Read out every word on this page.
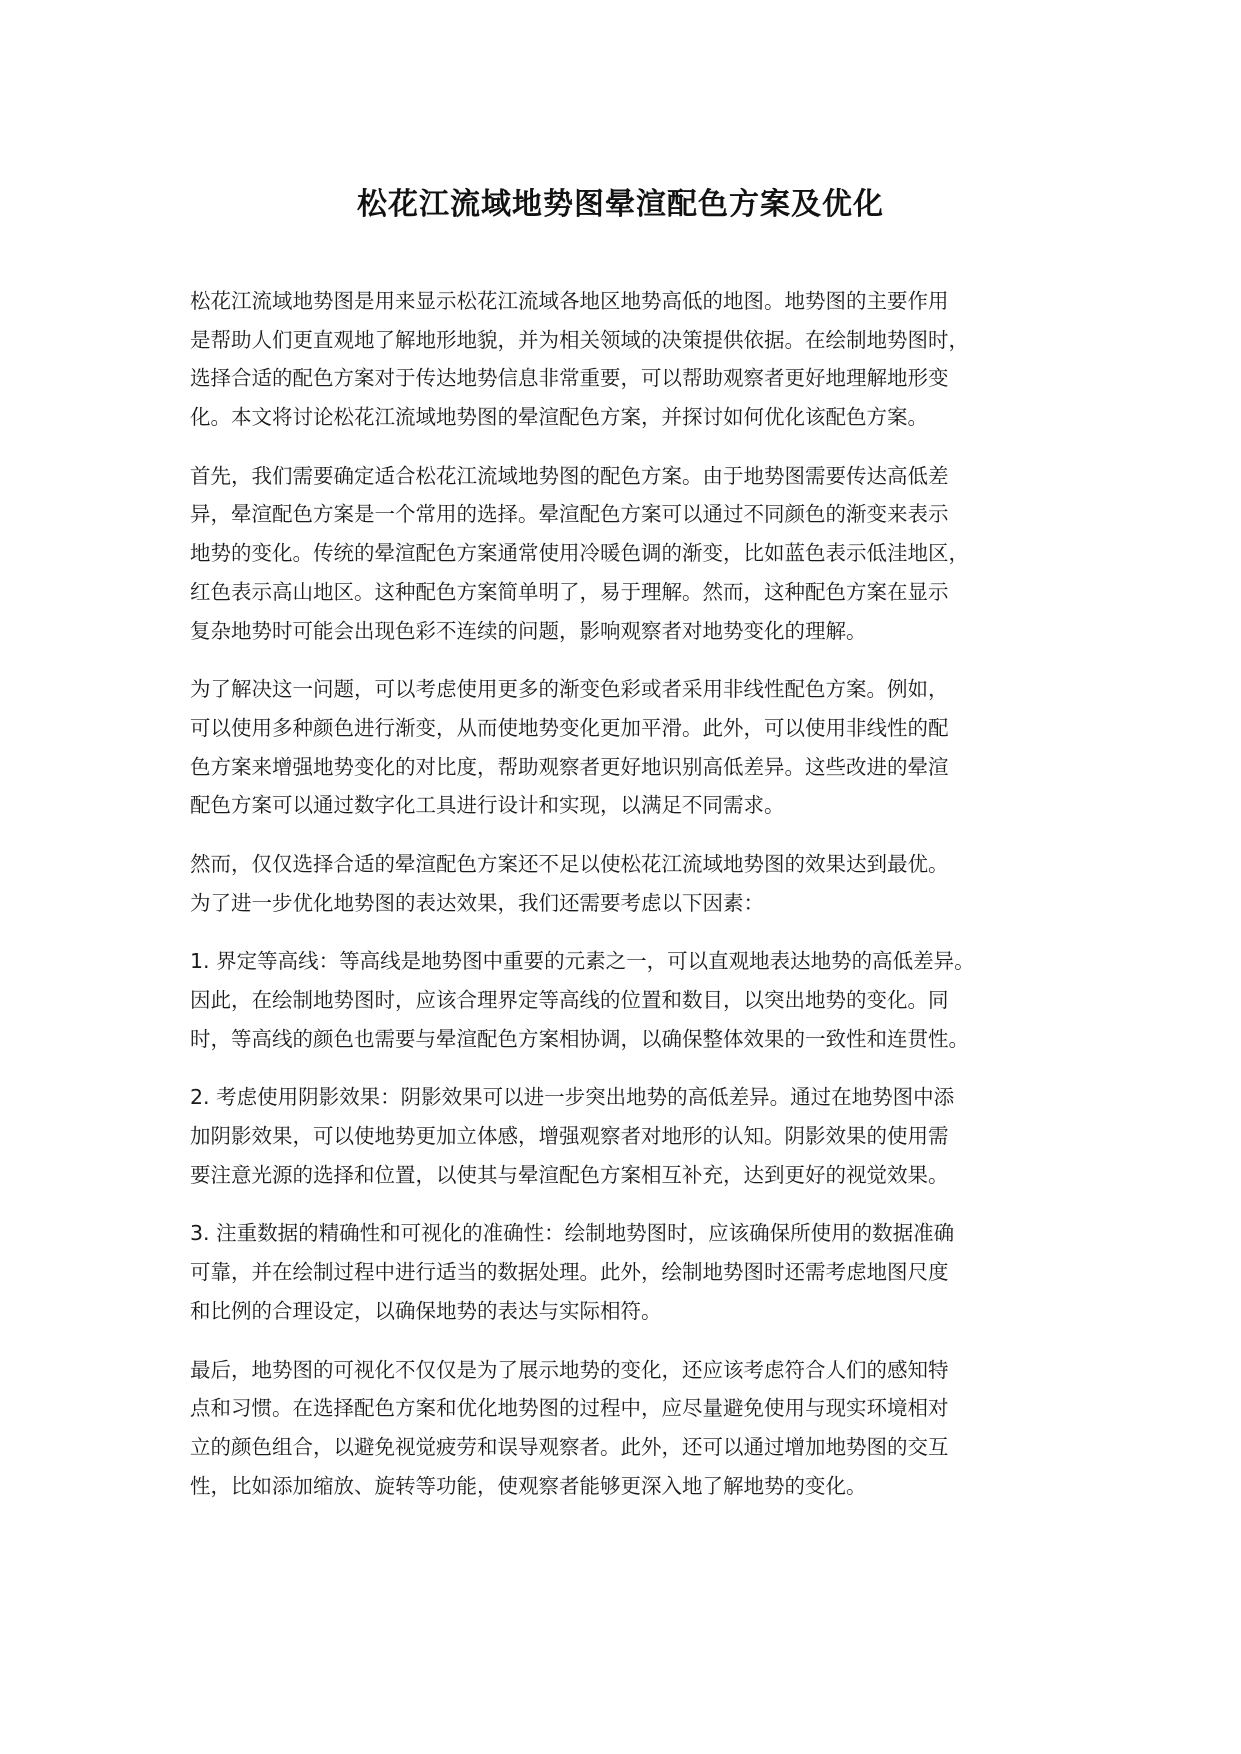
松花江流域地势图晕渲配色方案及优化
松花江流域地势图是用来显示松花江流域各地区地势高低的地图。地势图的主要作用
是帮助人们更直观地了解地形地貌，并为相关领域的决策提供依据。在绘制地势图时，
选择合适的配色方案对于传达地势信息非常重要，可以帮助观察者更好地理解地形变
化。本文将讨论松花江流域地势图的晕渲配色方案，并探讨如何优化该配色方案。
首先，我们需要确定适合松花江流域地势图的配色方案。由于地势图需要传达高低差
异，晕渲配色方案是一个常用的选择。晕渲配色方案可以通过不同颜色的渐变来表示
地势的变化。传统的晕渲配色方案通常使用冷暖色调的渐变，比如蓝色表示低洼地区，
红色表示高山地区。这种配色方案简单明了，易于理解。然而，这种配色方案在显示
复杂地势时可能会出现色彩不连续的问题，影响观察者对地势变化的理解。
为了解决这一问题，可以考虑使用更多的渐变色彩或者采用非线性配色方案。例如，
可以使用多种颜色进行渐变，从而使地势变化更加平滑。此外，可以使用非线性的配
色方案来增强地势变化的对比度，帮助观察者更好地识别高低差异。这些改进的晕渲
配色方案可以通过数字化工具进行设计和实现，以满足不同需求。
然而，仅仅选择合适的晕渲配色方案还不足以使松花江流域地势图的效果达到最优。
为了进一步优化地势图的表达效果，我们还需要考虑以下因素：
1. 界定等高线：等高线是地势图中重要的元素之一，可以直观地表达地势的高低差异。
因此，在绘制地势图时，应该合理界定等高线的位置和数目，以突出地势的变化。同
时，等高线的颜色也需要与晕渲配色方案相协调，以确保整体效果的一致性和连贯性。
2. 考虑使用阴影效果：阴影效果可以进一步突出地势的高低差异。通过在地势图中添
加阴影效果，可以使地势更加立体感，增强观察者对地形的认知。阴影效果的使用需
要注意光源的选择和位置，以使其与晕渲配色方案相互补充，达到更好的视觉效果。
3. 注重数据的精确性和可视化的准确性：绘制地势图时，应该确保所使用的数据准确
可靠，并在绘制过程中进行适当的数据处理。此外，绘制地势图时还需考虑地图尺度
和比例的合理设定，以确保地势的表达与实际相符。
最后，地势图的可视化不仅仅是为了展示地势的变化，还应该考虑符合人们的感知特
点和习惯。在选择配色方案和优化地势图的过程中，应尽量避免使用与现实环境相对
立的颜色组合，以避免视觉疲劳和误导观察者。此外，还可以通过增加地势图的交互
性，比如添加缩放、旋转等功能，使观察者能够更深入地了解地势的变化。
